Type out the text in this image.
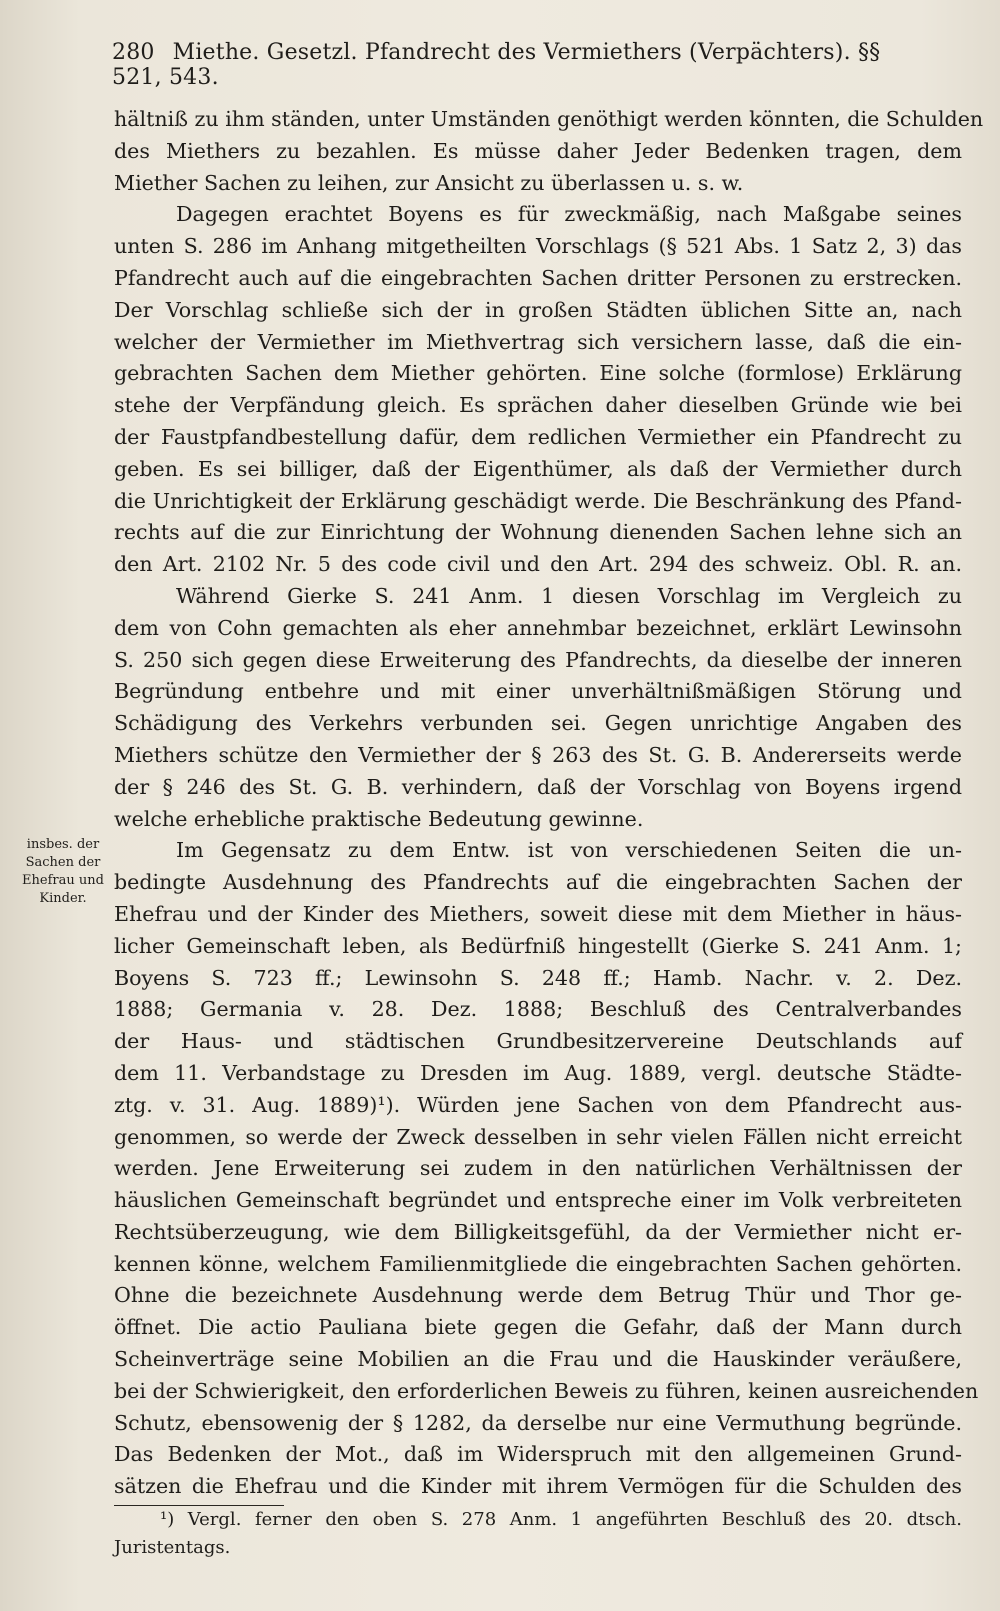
280 Miethe. Gesetzl. Pfandrecht des Vermiethers (Verpächters). §§ 521, 543.
hältniß zu ihm ständen, unter Umständen genöthigt werden könnten, die Schulden
des Miethers zu bezahlen. Es müsse daher Jeder Bedenken tragen, dem
Miether Sachen zu leihen, zur Ansicht zu überlassen u. s. w.
Dagegen erachtet Boyens es für zweckmäßig, nach Maßgabe seines
unten S. 286 im Anhang mitgetheilten Vorschlags (§ 521 Abs. 1 Satz 2, 3) das
Pfandrecht auch auf die eingebrachten Sachen dritter Personen zu erstrecken.
Der Vorschlag schließe sich der in großen Städten üblichen Sitte an, nach
welcher der Vermiether im Miethvertrag sich versichern lasse, daß die ein-
gebrachten Sachen dem Miether gehörten. Eine solche (formlose) Erklärung
stehe der Verpfändung gleich. Es sprächen daher dieselben Gründe wie bei
der Faustpfandbestellung dafür, dem redlichen Vermiether ein Pfandrecht zu
geben. Es sei billiger, daß der Eigenthümer, als daß der Vermiether durch
die Unrichtigkeit der Erklärung geschädigt werde. Die Beschränkung des Pfand-
rechts auf die zur Einrichtung der Wohnung dienenden Sachen lehne sich an
den Art. 2102 Nr. 5 des code civil und den Art. 294 des schweiz. Obl. R. an.
Während Gierke S. 241 Anm. 1 diesen Vorschlag im Vergleich zu
dem von Cohn gemachten als eher annehmbar bezeichnet, erklärt Lewinsohn
S. 250 sich gegen diese Erweiterung des Pfandrechts, da dieselbe der inneren
Begründung entbehre und mit einer unverhältnißmäßigen Störung und
Schädigung des Verkehrs verbunden sei. Gegen unrichtige Angaben des
Miethers schütze den Vermiether der § 263 des St. G. B. Andererseits werde
der § 246 des St. G. B. verhindern, daß der Vorschlag von Boyens irgend
welche erhebliche praktische Bedeutung gewinne.
Im Gegensatz zu dem Entw. ist von verschiedenen Seiten die un-
bedingte Ausdehnung des Pfandrechts auf die eingebrachten Sachen der
Ehefrau und der Kinder des Miethers, soweit diese mit dem Miether in häus-
licher Gemeinschaft leben, als Bedürfniß hingestellt (Gierke S. 241 Anm. 1;
Boyens S. 723 ff.; Lewinsohn S. 248 ff.; Hamb. Nachr. v. 2. Dez.
1888; Germania v. 28. Dez. 1888; Beschluß des Centralverbandes
der Haus- und städtischen Grundbesitzervereine Deutschlands auf
dem 11. Verbandstage zu Dresden im Aug. 1889, vergl. deutsche Städte-
ztg. v. 31. Aug. 1889)¹). Würden jene Sachen von dem Pfandrecht aus-
genommen, so werde der Zweck desselben in sehr vielen Fällen nicht erreicht
werden. Jene Erweiterung sei zudem in den natürlichen Verhältnissen der
häuslichen Gemeinschaft begründet und entspreche einer im Volk verbreiteten
Rechtsüberzeugung, wie dem Billigkeitsgefühl, da der Vermiether nicht er-
kennen könne, welchem Familienmitgliede die eingebrachten Sachen gehörten.
Ohne die bezeichnete Ausdehnung werde dem Betrug Thür und Thor ge-
öffnet. Die actio Pauliana biete gegen die Gefahr, daß der Mann durch
Scheinverträge seine Mobilien an die Frau und die Hauskinder veräußere,
bei der Schwierigkeit, den erforderlichen Beweis zu führen, keinen ausreichenden
Schutz, ebensowenig der § 1282, da derselbe nur eine Vermuthung begründe.
Das Bedenken der Mot., daß im Widerspruch mit den allgemeinen Grund-
sätzen die Ehefrau und die Kinder mit ihrem Vermögen für die Schulden des
insbes. der
Sachen der
Ehefrau und
Kinder.
¹) Vergl. ferner den oben S. 278 Anm. 1 angeführten Beschluß des 20. dtsch.
Juristentags.
